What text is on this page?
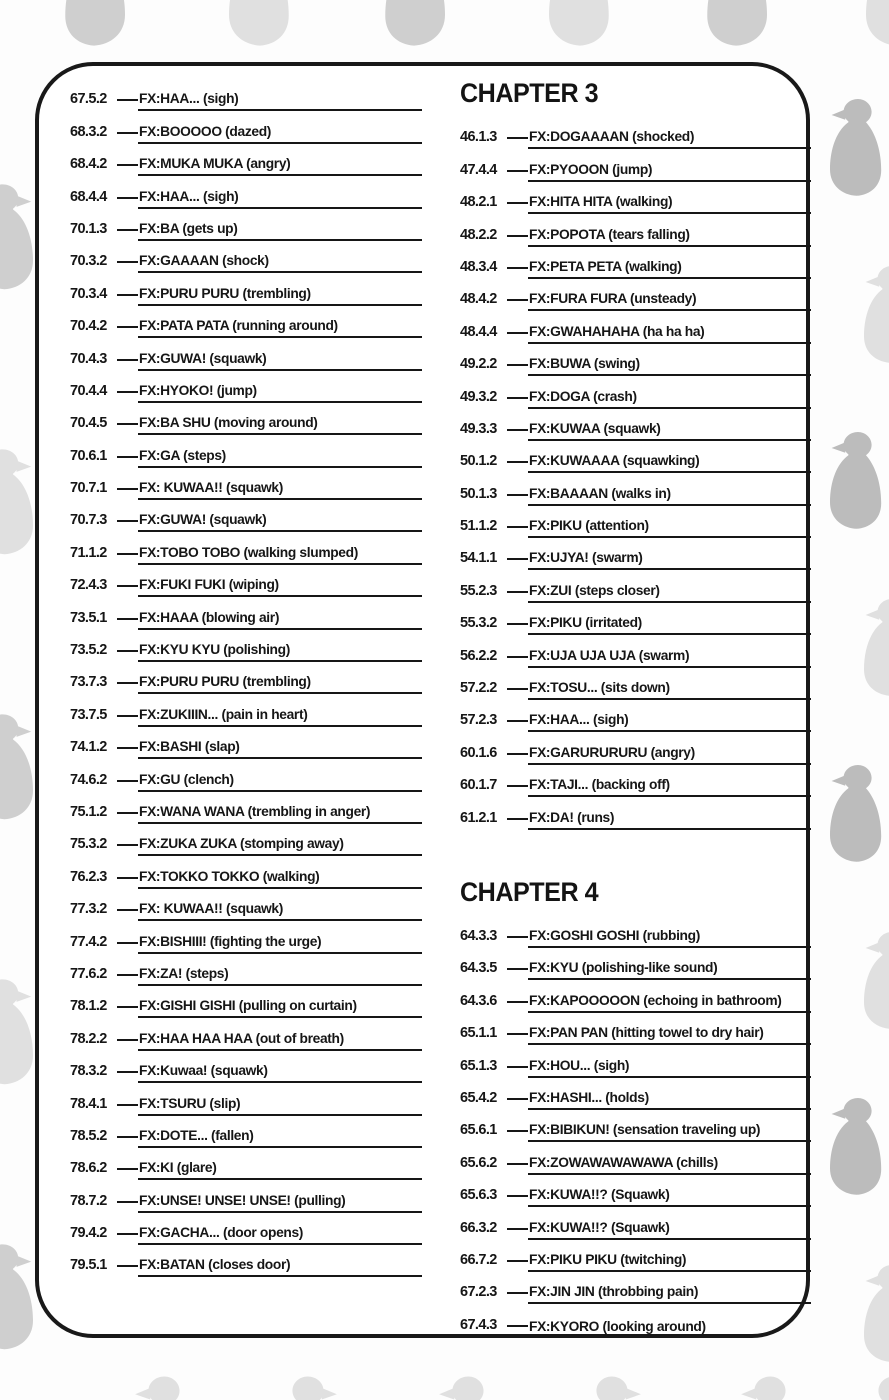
67.5.2	FX:HAA... (sigh)
68.3.2	FX:BOOOOO (dazed)
68.4.2	FX:MUKA MUKA (angry)
68.4.4	FX:HAA... (sigh)
70.1.3	FX:BA (gets up)
70.3.2	FX:GAAAAN (shock)
70.3.4	FX:PURU PURU (trembling)
70.4.2	FX:PATA PATA (running around)
70.4.3	FX:GUWA! (squawk)
70.4.4	FX:HYOKO! (jump)
70.4.5	FX:BA SHU (moving around)
70.6.1	FX:GA (steps)
70.7.1	FX: KUWAA!! (squawk)
70.7.3	FX:GUWA! (squawk)
71.1.2	FX:TOBO TOBO (walking slumped)
72.4.3	FX:FUKI FUKI (wiping)
73.5.1	FX:HAAA (blowing air)
73.5.2	FX:KYU KYU (polishing)
73.7.3	FX:PURU PURU (trembling)
73.7.5	FX:ZUKIIIN... (pain in heart)
74.1.2	FX:BASHI (slap)
74.6.2	FX:GU (clench)
75.1.2	FX:WANA WANA (trembling in anger)
75.3.2	FX:ZUKA ZUKA (stomping away)
76.2.3	FX:TOKKO TOKKO (walking)
77.3.2	FX: KUWAA!! (squawk)
77.4.2	FX:BISHIII! (fighting the urge)
77.6.2	FX:ZA! (steps)
78.1.2	FX:GISHI GISHI (pulling on curtain)
78.2.2	FX:HAA HAA HAA (out of breath)
78.3.2	FX:Kuwaa! (squawk)
78.4.1	FX:TSURU (slip)
78.5.2	FX:DOTE... (fallen)
78.6.2	FX:KI (glare)
78.7.2	FX:UNSE! UNSE! UNSE! (pulling)
79.4.2	FX:GACHA... (door opens)
79.5.1	FX:BATAN (closes door)
CHAPTER 3
46.1.3	FX:DOGAAAAN (shocked)
47.4.4	FX:PYOOON (jump)
48.2.1	FX:HITA HITA (walking)
48.2.2	FX:POPOTA (tears falling)
48.3.4	FX:PETA PETA (walking)
48.4.2	FX:FURA FURA (unsteady)
48.4.4	FX:GWAHAHAHA (ha ha ha)
49.2.2	FX:BUWA (swing)
49.3.2	FX:DOGA (crash)
49.3.3	FX:KUWAA (squawk)
50.1.2	FX:KUWAAAA (squawking)
50.1.3	FX:BAAAAN (walks in)
51.1.2	FX:PIKU (attention)
54.1.1	FX:UJYA! (swarm)
55.2.3	FX:ZUI (steps closer)
55.3.2	FX:PIKU (irritated)
56.2.2	FX:UJA UJA UJA (swarm)
57.2.2	FX:TOSU... (sits down)
57.2.3	FX:HAA... (sigh)
60.1.6	FX:GARURURURU (angry)
60.1.7	FX:TAJI... (backing off)
61.2.1	FX:DA! (runs)
CHAPTER 4
64.3.3	FX:GOSHI GOSHI (rubbing)
64.3.5	FX:KYU (polishing-like sound)
64.3.6	FX:KAPOOOOON (echoing in bathroom)
65.1.1	FX:PAN PAN (hitting towel to dry hair)
65.1.3	FX:HOU... (sigh)
65.4.2	FX:HASHI... (holds)
65.6.1	FX:BIBIKUN! (sensation traveling up)
65.6.2	FX:ZOWAWAWAWAWA (chills)
65.6.3	FX:KUWA!!? (Squawk)
66.3.2	FX:KUWA!!? (Squawk)
66.7.2	FX:PIKU PIKU (twitching)
67.2.3	FX:JIN JIN (throbbing pain)
67.4.3	FX:KYORO (looking around)
